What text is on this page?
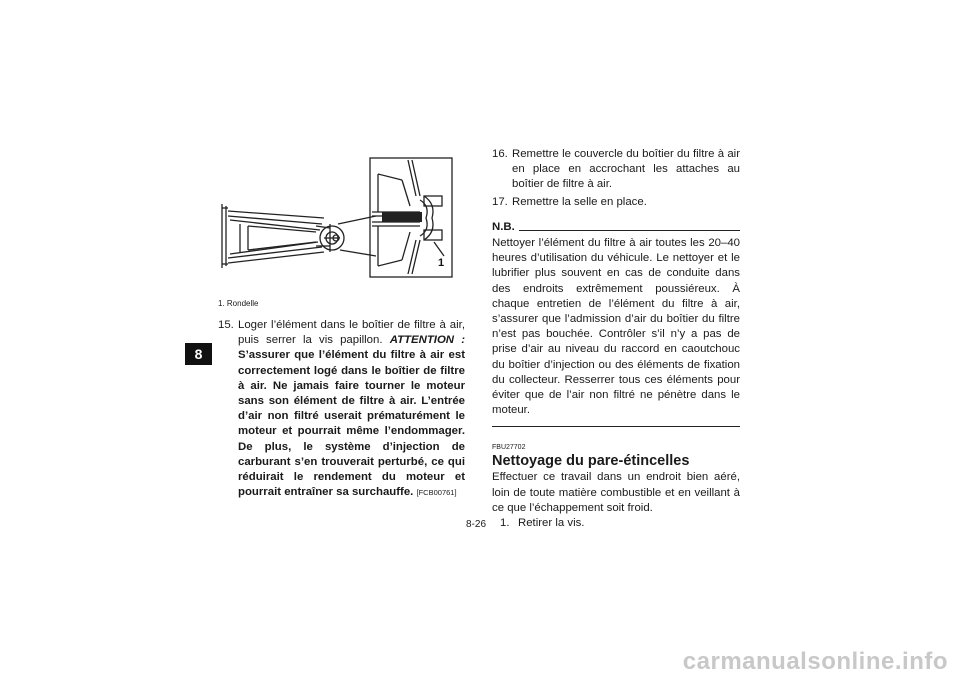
8
1
1. Rondelle
15. Loger l’élément dans le boîtier de filtre à air, puis serrer la vis papillon. ATTENTION : S’assurer que l’élément du filtre à air est correctement logé dans le boîtier de filtre à air. Ne jamais faire tourner le moteur sans son élément de filtre à air. L’entrée d’air non filtré userait prématurément le moteur et pourrait même l’endommager. De plus, le système d’injection de carburant s’en trouverait perturbé, ce qui réduirait le rendement du moteur et pourrait entraîner sa surchauffe. [FCB00761]
16. Remettre le couvercle du boîtier du filtre à air en place en accrochant les attaches au boîtier de filtre à air.
17. Remettre la selle en place.
N.B.
Nettoyer l’élément du filtre à air toutes les 20–40 heures d’utilisation du véhicule. Le nettoyer et le lubrifier plus souvent en cas de conduite dans des endroits extrêmement poussiéreux. À chaque entretien de l’élément du filtre à air, s’assurer que l’admission d’air du boîtier du filtre n’est pas bouchée. Contrôler s’il n’y a pas de prise d’air au niveau du raccord en caoutchouc du boîtier d’injection ou des éléments de fixation du collecteur. Resserrer tous ces éléments pour éviter que de l’air non filtré ne pénètre dans le moteur.
FBU27702
Nettoyage du pare-étincelles
Effectuer ce travail dans un endroit bien aéré, loin de toute matière combustible et en veillant à ce que l’échappement soit froid.
1. Retirer la vis.
8-26
carmanualsonline.info
